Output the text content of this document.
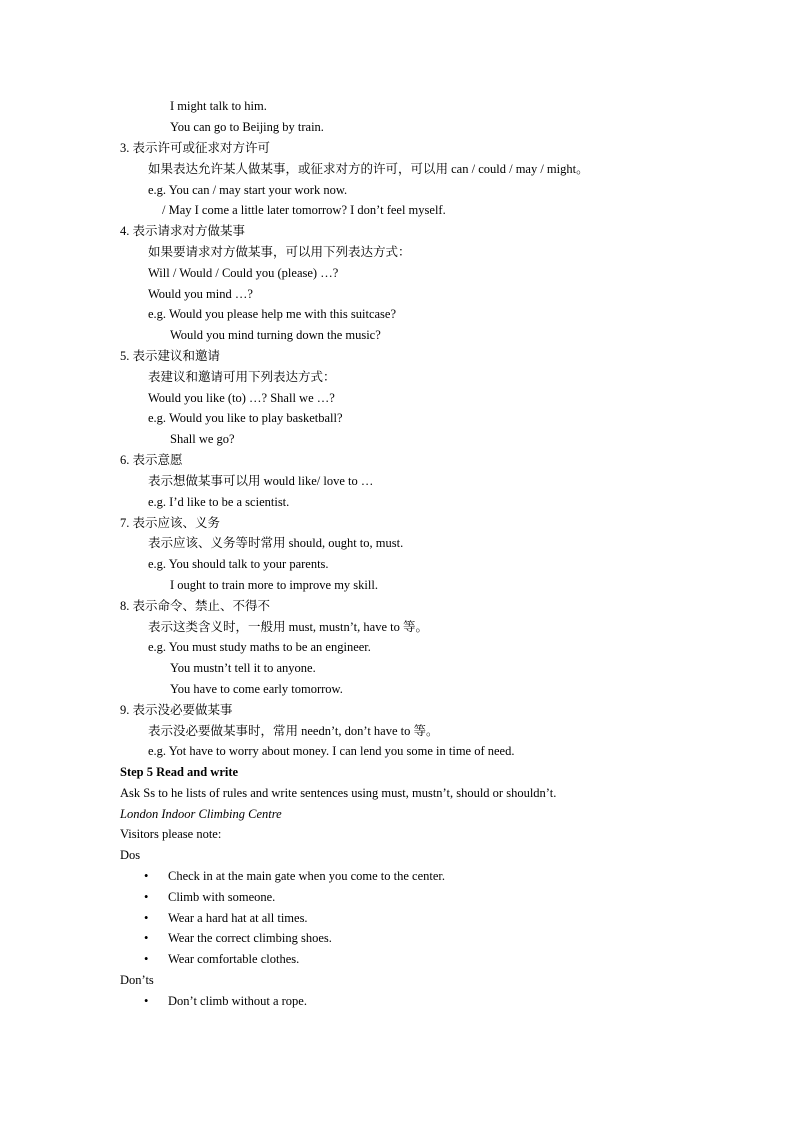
I might talk to him.
You can go to Beijing by train.
3. 表示许可或征求对方许可
如果表达允许某人做某事，或征求对方的许可，可以用 can / could / may / might。
e.g. You can / may start your work now.
/ May I come a little later tomorrow? I don’t feel myself.
4. 表示请求对方做某事
如果要请求对方做某事，可以用下列表达方式：
Will / Would / Could you (please) …?
Would you mind …?
e.g. Would you please help me with this suitcase?
Would you mind turning down the music?
5. 表示建议和邀请
表建议和邀请可用下列表达方式：
Would you like (to) …? Shall we …?
e.g. Would you like to play basketball?
Shall we go?
6. 表示意愿
表示想做某事可以用 would like/ love to …
e.g. I’d like to be a scientist.
7. 表示应该、义务
表示应该、义务等时常用 should, ought to, must.
e.g. You should talk to your parents.
I ought to train more to improve my skill.
8. 表示命令、禁止、不得不
表示这类含义时，一般用 must, mustn’t, have to 等。
e.g. You must study maths to be an engineer.
You mustn’t tell it to anyone.
You have to come early tomorrow.
9. 表示没必要做某事
表示没必要做某事时，常用 needn’t, don’t have to 等。
e.g. Yot have to worry about money. I can lend you some in time of need.
Step 5 Read and write
Ask Ss to he lists of rules and write sentences using must, mustn’t, should or shouldn’t.
London Indoor Climbing Centre
Visitors please note:
Dos
• Check in at the main gate when you come to the center.
• Climb with someone.
• Wear a hard hat at all times.
• Wear the correct climbing shoes.
• Wear comfortable clothes.
Don’ts
• Don’t climb without a rope.
